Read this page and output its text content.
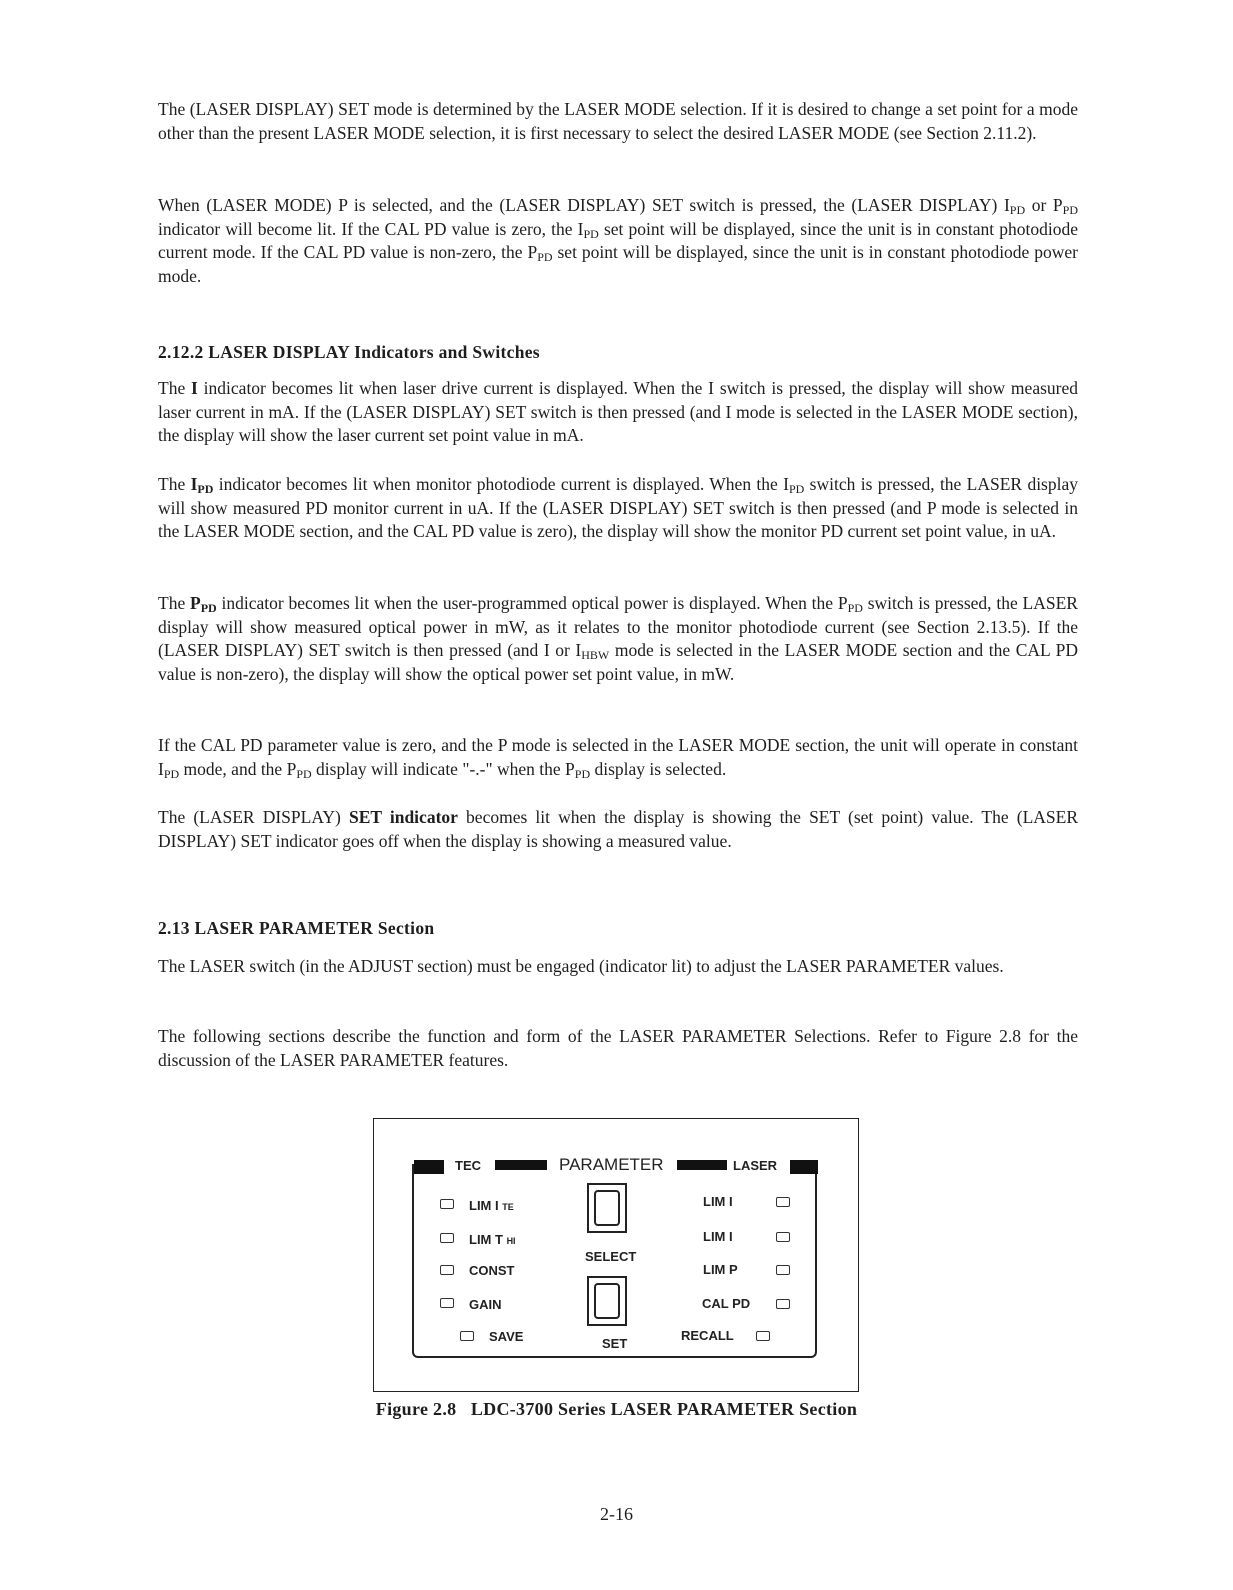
The (LASER DISPLAY) SET mode is determined by the LASER MODE selection. If it is desired to change a set point for a mode other than the present LASER MODE selection, it is first necessary to select the desired LASER MODE (see Section 2.11.2).

When (LASER MODE) P is selected, and the (LASER DISPLAY) SET switch is pressed, the (LASER DISPLAY) $I_{PD}$ or $P_{PD}$ indicator will become lit. If the CAL PD value is zero, the $I_{PD}$ set point will be displayed, since the unit is in constant photodiode current mode. If the CAL PD value is non-zero, the $P_{PD}$ set point will be displayed, since the unit is in constant photodiode power mode.

2.12.2 LASER DISPLAY Indicators and Switches

The I indicator becomes lit when laser drive current is displayed. When the I switch is pressed, the display will show measured laser current in mA. If the (LASER DISPLAY) SET switch is then pressed (and I mode is selected in the LASER MODE section), the display will show the laser current set point value in mA.

The $I_{PD}$ indicator becomes lit when monitor photodiode current is displayed. When the $I_{PD}$ switch is pressed, the LASER display will show measured PD monitor current in uA. If the (LASER DISPLAY) SET switch is then pressed (and P mode is selected in the LASER MODE section, and the CAL PD value is zero), the display will show the monitor PD current set point value, in uA.

The $P_{PD}$ indicator becomes lit when the user-programmed optical power is displayed. When the $P_{PD}$ switch is pressed, the LASER display will show measured optical power in mW, as it relates to the monitor photodiode current (see Section 2.13.5). If the (LASER DISPLAY) SET switch is then pressed (and I or $I_{HBW}$ mode is selected in the LASER MODE section and the CAL PD value is non-zero), the display will show the optical power set point value, in mW.

If the CAL PD parameter value is zero, and the P mode is selected in the LASER MODE section, the unit will operate in constant $I_{PD}$ mode, and the $P_{PD}$ display will indicate "-.-" when the $P_{PD}$ display is selected.

The (LASER DISPLAY) SET indicator becomes lit when the display is showing the SET (set point) value. The (LASER DISPLAY) SET indicator goes off when the display is showing a measured value.

2.13 LASER PARAMETER Section

The LASER switch (in the ADJUST section) must be engaged (indicator lit) to adjust the LASER PARAMETER values.

The following sections describe the function and form of the LASER PARAMETER Selections. Refer to Figure 2.8 for the discussion of the LASER PARAMETER features.

TEC	PARAMETER	LASER
LIM I TE
LIM T HI
CONST
GAIN
SAVE
SELECT
SET
LIM I
LIM I
LIM P
CAL PD
RECALL
Figure 2.8   LDC-3700 Series LASER PARAMETER Section
2-16
